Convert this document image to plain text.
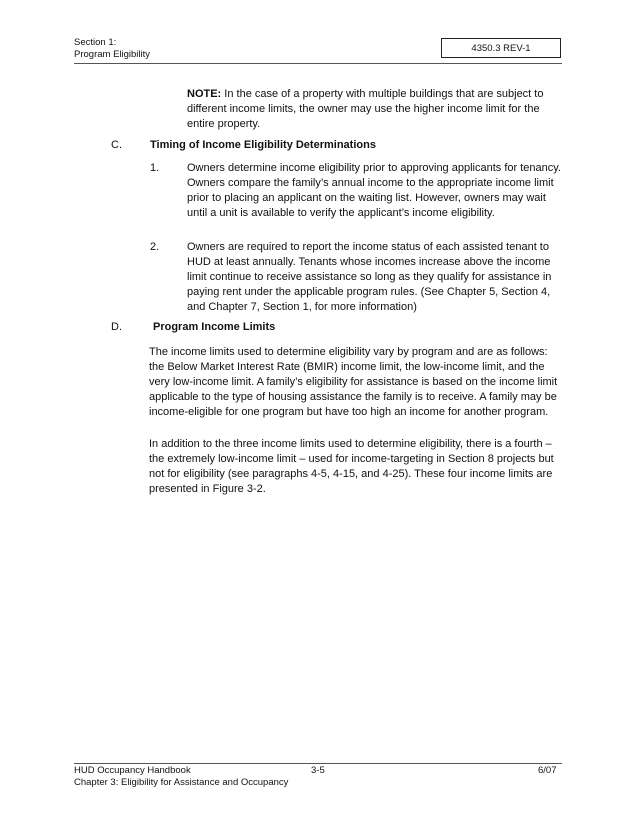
Section 1:
Program Eligibility
4350.3 REV-1
NOTE: In the case of a property with multiple buildings that are subject to different income limits, the owner may use the higher income limit for the entire property.
C.	Timing of Income Eligibility Determinations
1.	Owners determine income eligibility prior to approving applicants for tenancy. Owners compare the family’s annual income to the appropriate income limit prior to placing an applicant on the waiting list. However, owners may wait until a unit is available to verify the applicant’s income eligibility.
2.	Owners are required to report the income status of each assisted tenant to HUD at least annually. Tenants whose incomes increase above the income limit continue to receive assistance so long as they qualify for assistance in paying rent under the applicable program rules. (See Chapter 5, Section 4, and Chapter 7, Section 1, for more information)
D.	Program Income Limits
The income limits used to determine eligibility vary by program and are as follows: the Below Market Interest Rate (BMIR) income limit, the low-income limit, and the very low-income limit. A family’s eligibility for assistance is based on the income limit applicable to the type of housing assistance the family is to receive. A family may be income-eligible for one program but have too high an income for another program.
In addition to the three income limits used to determine eligibility, there is a fourth – the extremely low-income limit – used for income-targeting in Section 8 projects but not for eligibility (see paragraphs 4-5, 4-15, and 4-25). These four income limits are presented in Figure 3-2.
HUD Occupancy Handbook
Chapter 3: Eligibility for Assistance and Occupancy
3-5	6/07
